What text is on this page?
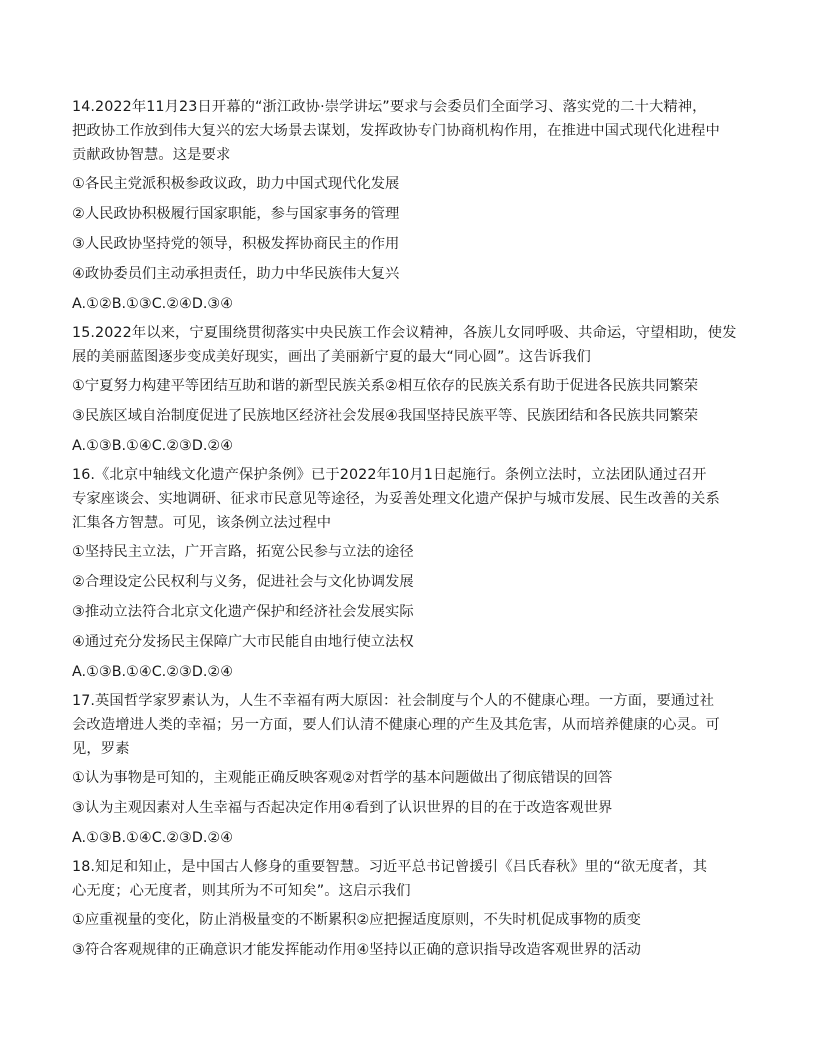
14.2022年11月23日开幕的“浙江政协·崇学讲坛”要求与会委员们全面学习、落实党的二十大精神，
把政协工作放到伟大复兴的宏大场景去谋划，发挥政协专门协商机构作用，在推进中国式现代化进程中
贡献政协智慧。这是要求

①各民主党派积极参政议政，助力中国式现代化发展

②人民政协积极履行国家职能，参与国家事务的管理

③人民政协坚持党的领导，积极发挥协商民主的作用

④政协委员们主动承担责任，助力中华民族伟大复兴

A.①②B.①③C.②④D.③④

15.2022年以来，宁夏围绕贯彻落实中央民族工作会议精神，各族儿女同呼吸、共命运，守望相助，使发
展的美丽蓝图逐步变成美好现实，画出了美丽新宁夏的最大“同心圆”。这告诉我们

①宁夏努力构建平等团结互助和谐的新型民族关系②相互依存的民族关系有助于促进各民族共同繁荣

③民族区域自治制度促进了民族地区经济社会发展④我国坚持民族平等、民族团结和各民族共同繁荣

A.①③B.①④C.②③D.②④

16.《北京中轴线文化遗产保护条例》已于2022年10月1日起施行。条例立法时，立法团队通过召开
专家座谈会、实地调研、征求市民意见等途径，为妥善处理文化遗产保护与城市发展、民生改善的关系
汇集各方智慧。可见，该条例立法过程中

①坚持民主立法，广开言路，拓宽公民参与立法的途径

②合理设定公民权利与义务，促进社会与文化协调发展

③推动立法符合北京文化遗产保护和经济社会发展实际

④通过充分发扬民主保障广大市民能自由地行使立法权

A.①③B.①④C.②③D.②④

17.英国哲学家罗素认为，人生不幸福有两大原因：社会制度与个人的不健康心理。一方面，要通过社
会改造增进人类的幸福；另一方面，要人们认清不健康心理的产生及其危害，从而培养健康的心灵。可
见，罗素

①认为事物是可知的，主观能正确反映客观②对哲学的基本问题做出了彻底错误的回答

③认为主观因素对人生幸福与否起决定作用④看到了认识世界的目的在于改造客观世界

A.①③B.①④C.②③D.②④

18.知足和知止，是中国古人修身的重要智慧。习近平总书记曾援引《吕氏春秋》里的“欲无度者，其
心无度；心无度者，则其所为不可知矣”。这启示我们

①应重视量的变化，防止消极量变的不断累积②应把握适度原则，不失时机促成事物的质变

③符合客观规律的正确意识才能发挥能动作用④坚持以正确的意识指导改造客观世界的活动
